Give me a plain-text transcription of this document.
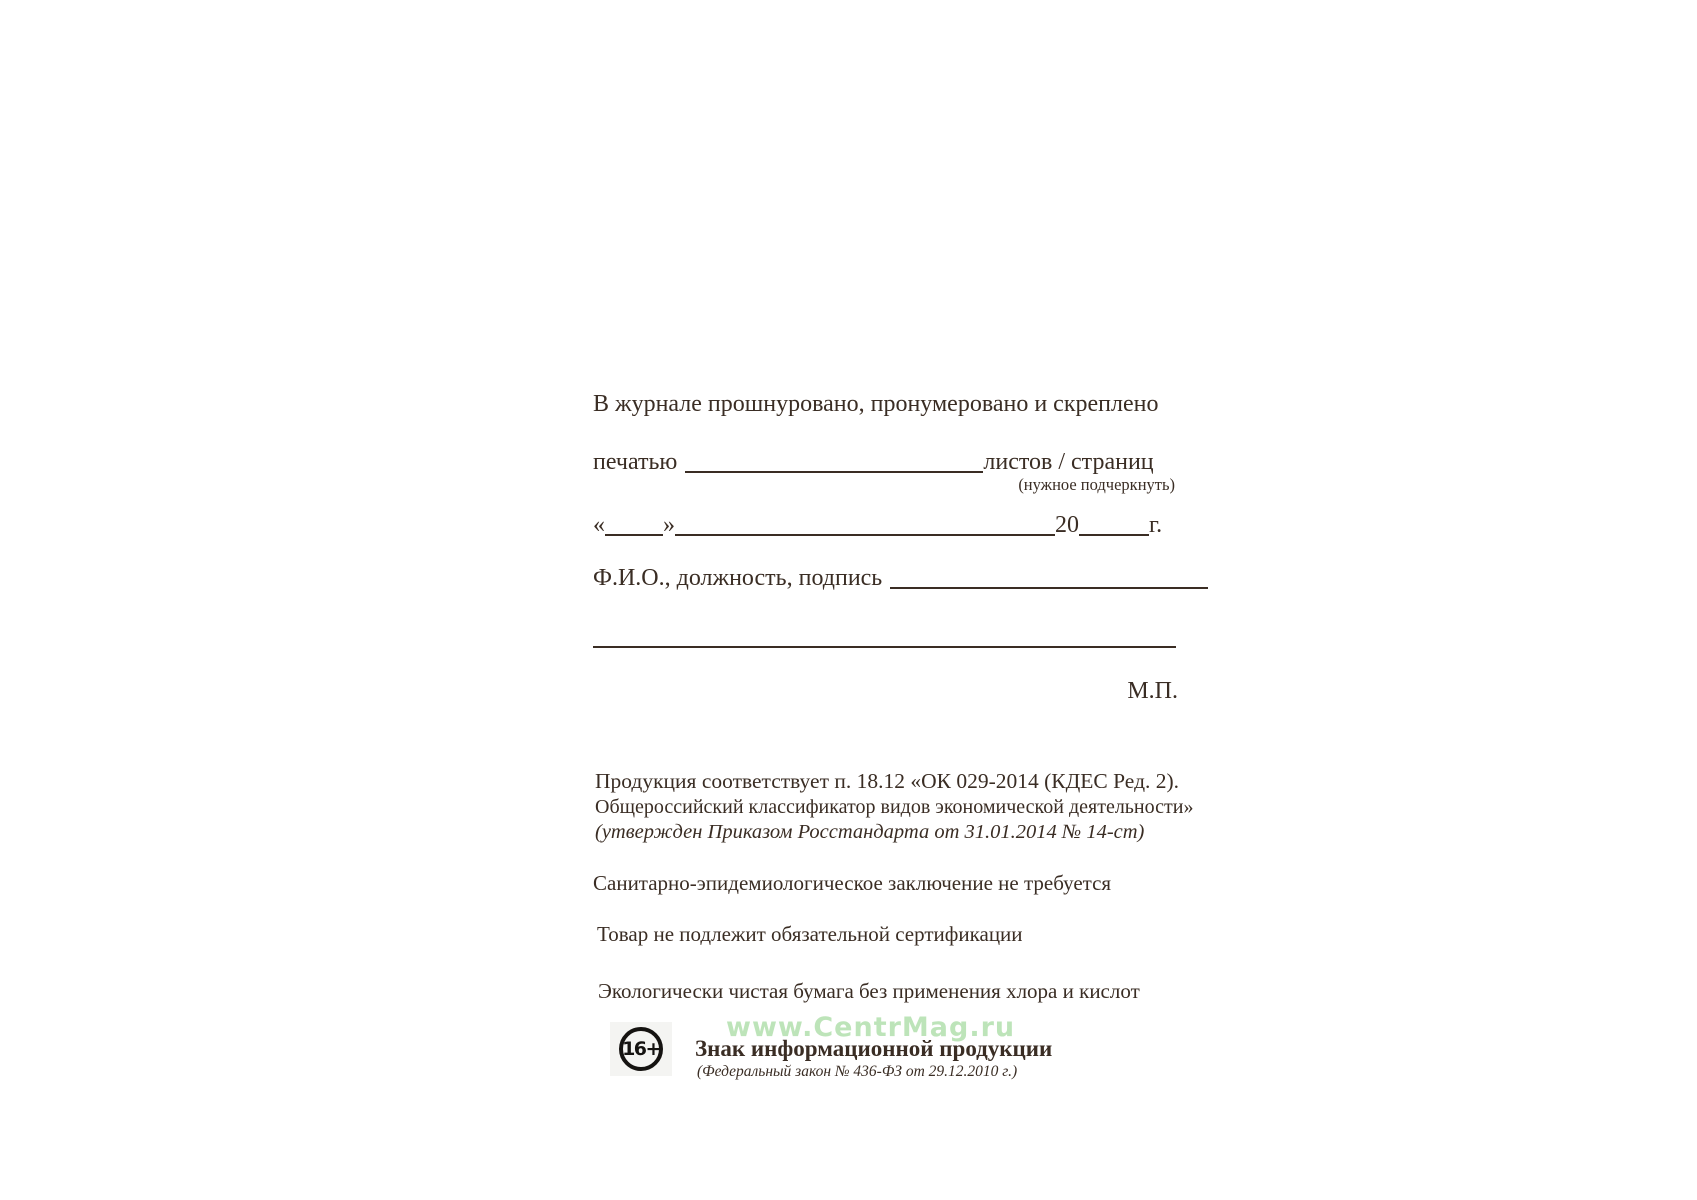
В журнале прошнуровано, пронумеровано и скреплено
печатью	листов / страниц
(нужное подчеркнуть)
« »	20	г.
Ф.И.О., должность, подпись
М.П.
Продукция соответствует п. 18.12 «ОК 029-2014 (КДЕС Ред. 2).
Общероссийский классификатор видов экономической деятельности»
(утвержден Приказом Росстандарта от 31.01.2014 № 14-ст)
Санитарно-эпидемиологическое заключение не требуется
Товар не подлежит обязательной сертификации
Экологически чистая бумага без применения хлора и кислот
www.CentrMag.ru
16+ Знак информационной продукции
(Федеральный закон № 436-ФЗ от 29.12.2010 г.)
